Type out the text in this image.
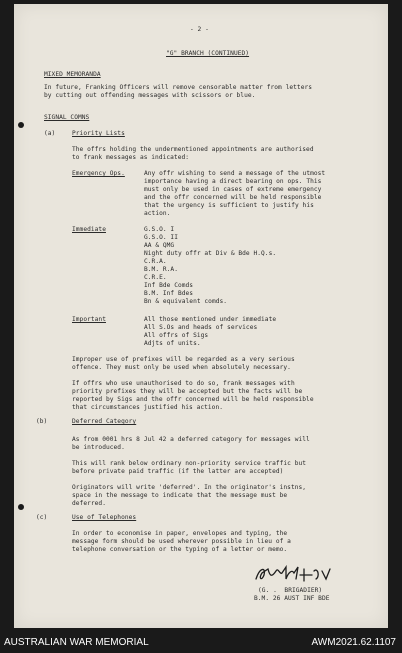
- 2 -
"G" BRANCH (CONTINUED)
MIXED MEMORANDA
In future, Franking Officers will remove censorable matter from letters
by cutting out offending messages with scissors or blue.
SIGNAL COMNS
(a)	Priority Lists
The offrs holding the undermentioned appointments are authorised
to frank messages as indicated:
Emergency Ops.	Any offr wishing to send a message of the utmost
importance having a direct bearing on ops. This
must only be used in cases of extreme emergency
and the offr concerned will be held responsible
that the urgency is sufficient to justify his
action.
Immediate	G.S.O. I
G.S.O. II
AA & QMG
Night duty offr at Div & Bde H.Q.s.
C.R.A.
B.M. R.A.
C.R.E.
Inf Bde Comds
B.M. Inf Bdes
Bn & equivalent comds.
Important	All those mentioned under immediate
All S.Os and heads of services
All offrs of Sigs
Adjts of units.
Improper use of prefixes will be regarded as a very serious
offence. They must only be used when absolutely necessary.
If offrs who use unauthorised to do so, frank messages with
priority prefixes they will be accepted but the facts will be
reported by Sigs and the offr concerned will be held responsible
that circumstances justified his action.
(b)	Deferred Category
As from 0001 hrs 8 Jul 42 a deferred category for messages will
be introduced.
This will rank below ordinary non-priority service traffic but
before private paid traffic (if the latter are accepted)
Originators will write 'deferred'. In the originator's instns,
space in the message to indicate that the message must be
deferred.
(c)	Use of Telephones
In order to economise in paper, envelopes and typing, the
message form should be used wherever possible in lieu of a
telephone conversation or the typing of a letter or memo.
(G. .  BRIGADIER)
B.M. 26 AUST INF BDE
AUSTRALIAN WAR MEMORIAL	AWM2021.62.1107
